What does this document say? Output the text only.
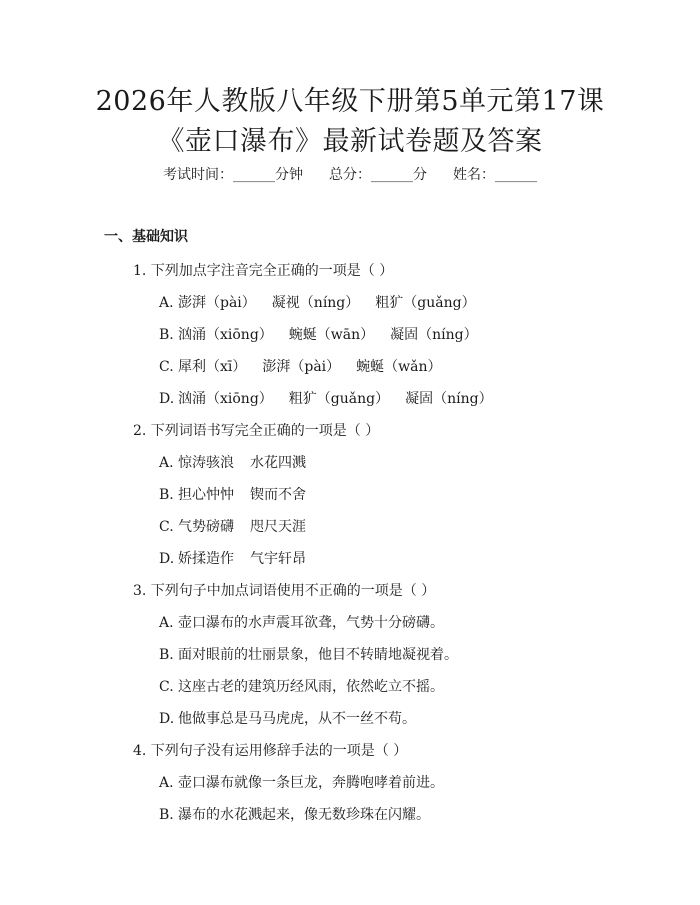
2026年人教版八年级下册第5单元第17课
《壶口瀑布》最新试卷题及答案
考试时间：______分钟 总分：______分 姓名：______
一、基础知识
1. 下列加点字注音完全正确的一项是（ ）
A. 澎湃（pài） 凝视（níng） 粗犷（guǎng）
B. 汹涌（xiōng） 蜿蜒（wān） 凝固（níng）
C. 犀利（xī） 澎湃（pài） 蜿蜒（wǎn）
D. 汹涌（xiōng） 粗犷（guǎng） 凝固（níng）
2. 下列词语书写完全正确的一项是（ ）
A. 惊涛骇浪 水花四溅
B. 担心忡忡 锲而不舍
C. 气势磅礴 咫尺天涯
D. 娇揉造作 气宇轩昂
3. 下列句子中加点词语使用不正确的一项是（ ）
A. 壶口瀑布的水声震耳欲聋，气势十分磅礴。
B. 面对眼前的壮丽景象，他目不转睛地凝视着。
C. 这座古老的建筑历经风雨，依然屹立不摇。
D. 他做事总是马马虎虎，从不一丝不苟。
4. 下列句子没有运用修辞手法的一项是（ ）
A. 壶口瀑布就像一条巨龙，奔腾咆哮着前进。
B. 瀑布的水花溅起来，像无数珍珠在闪耀。
